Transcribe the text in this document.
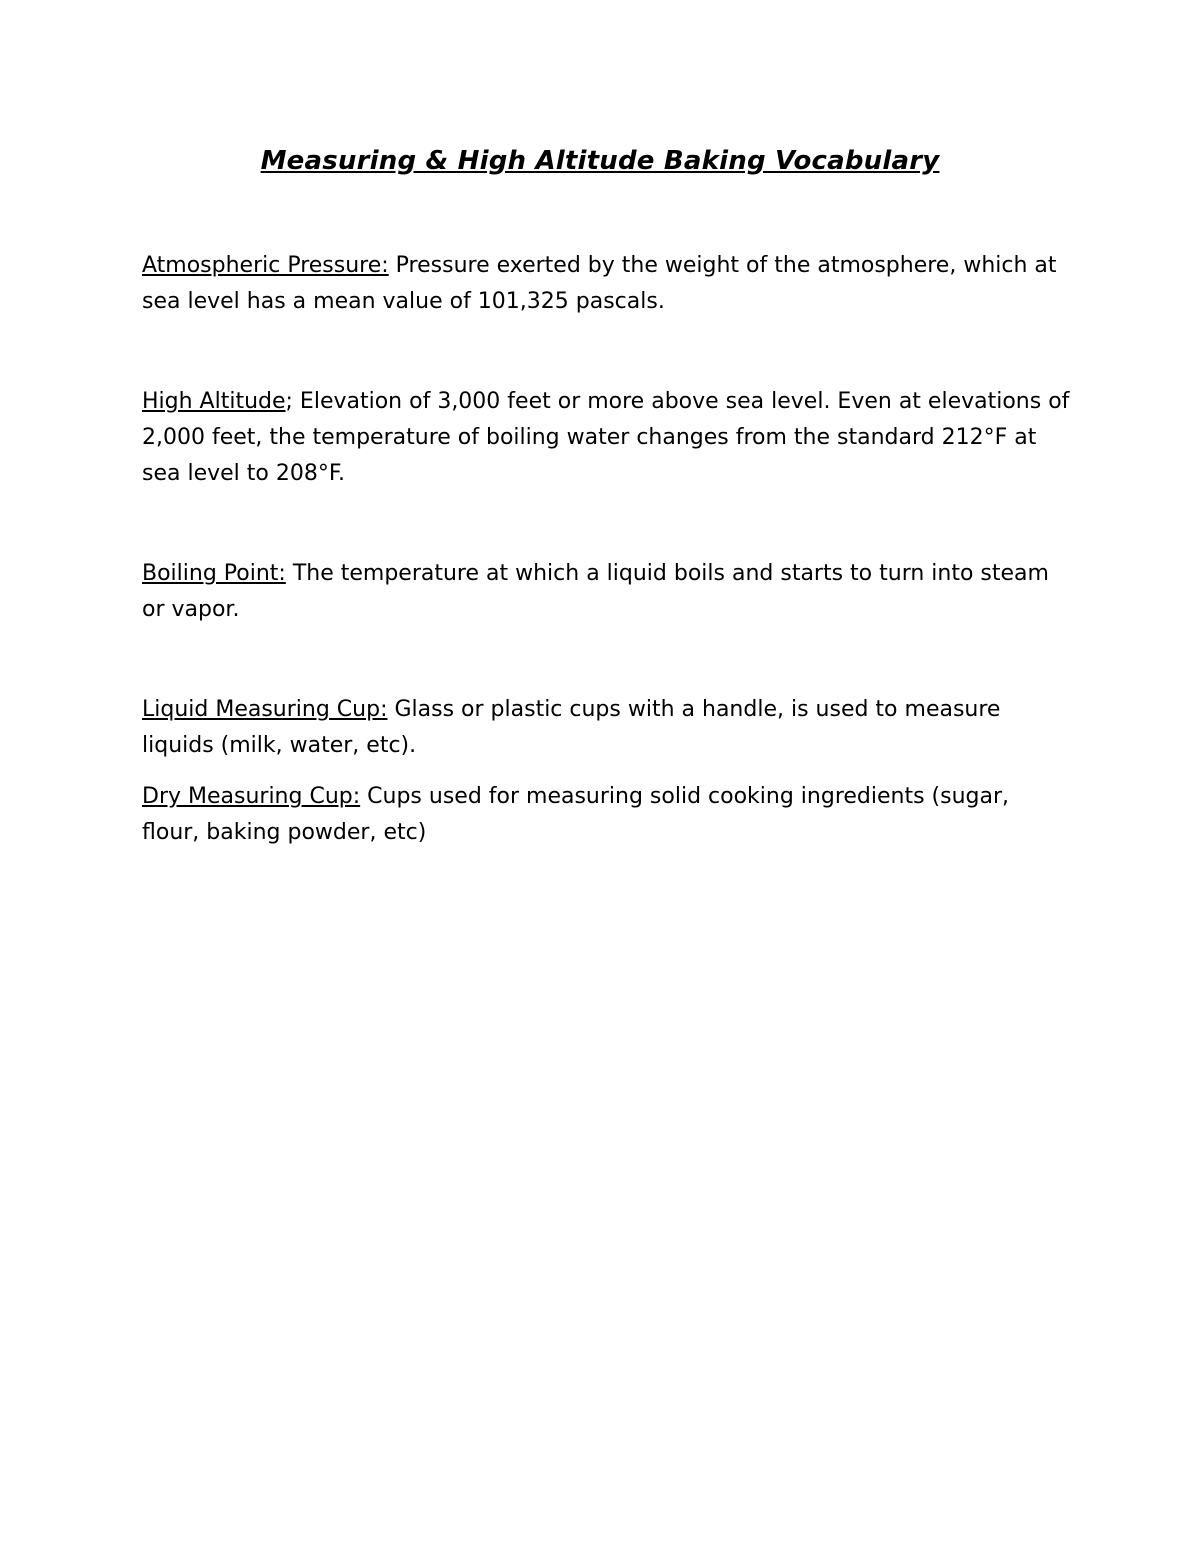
Measuring & High Altitude Baking Vocabulary

Atmospheric Pressure: Pressure exerted by the weight of the atmosphere, which at sea level has a mean value of 101,325 pascals.

High Altitude; Elevation of 3,000 feet or more above sea level. Even at elevations of 2,000 feet, the temperature of boiling water changes from the standard 212°F at sea level to 208°F.

Boiling Point: The temperature at which a liquid boils and starts to turn into steam or vapor.

Liquid Measuring Cup: Glass or plastic cups with a handle, is used to measure liquids (milk, water, etc).

Dry Measuring Cup: Cups used for measuring solid cooking ingredients (sugar, flour, baking powder, etc)
